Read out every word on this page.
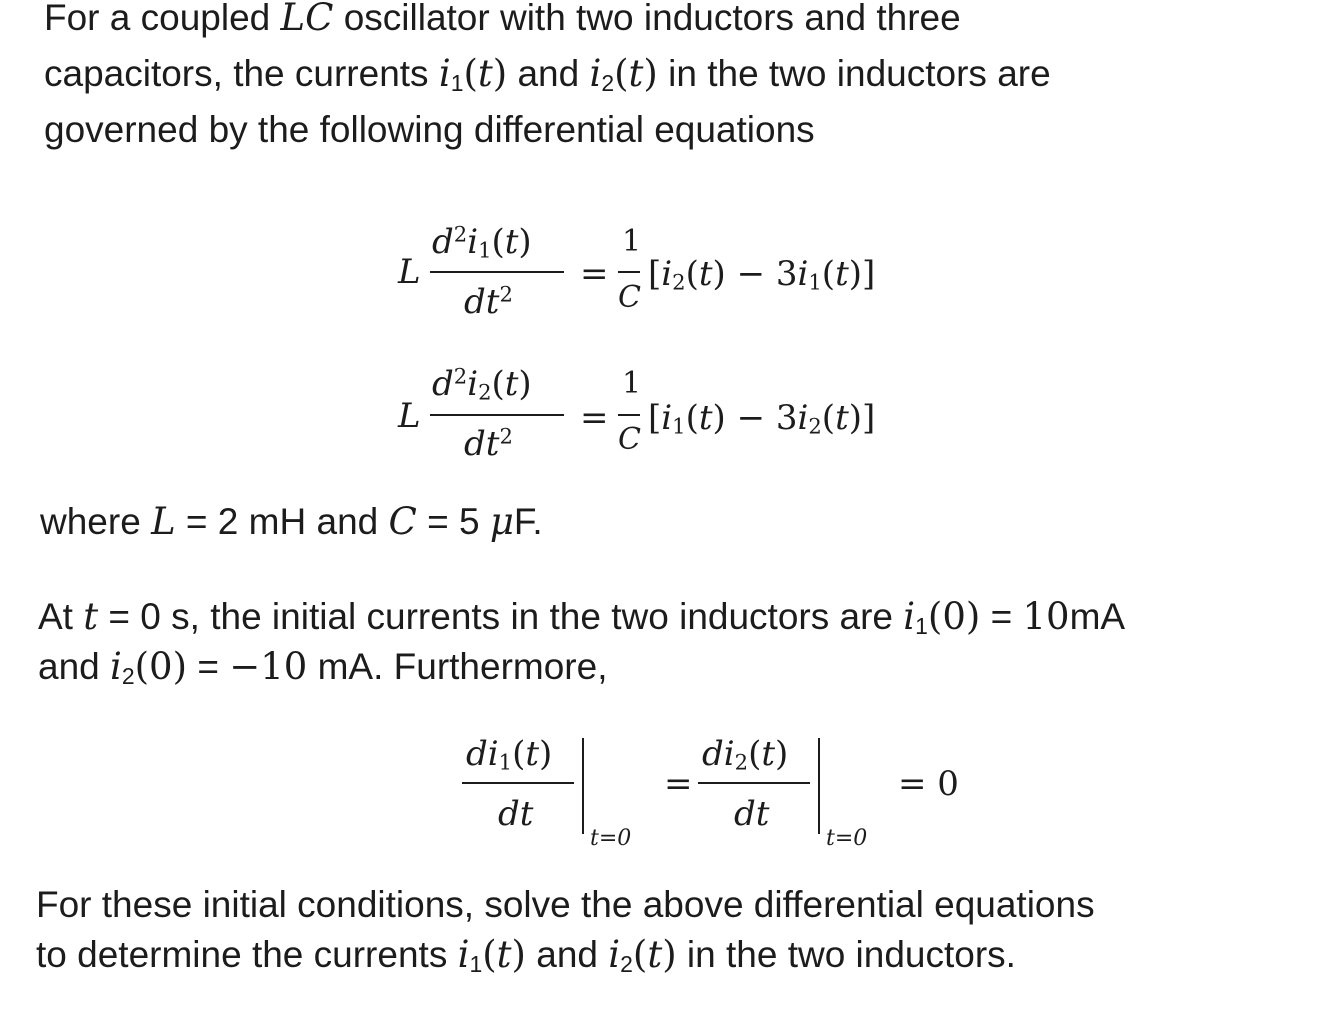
For a coupled LC oscillator with two inductors and three
capacitors, the currents $i_1(t)$ and $i_2(t)$ in the two inductors are
governed by the following differential equations
L
$d^2i_1(t)$
$dt^2$ =
1
C
$[i_2(t) - 3i_1(t)]$
L
$d^2i_2(t)$
$dt^2$ =
1
C
$[i_1(t) - 3i_2(t)]$
where L = 2 mH and C = 5 μF.
At t = 0 s, the initial currents in the two inductors are $i_1(0) = 10mA$
and $i_2(0) = -10$ mA. Furthermore,
$di_1(t)$
dt
t=0
=
$di_2(t)$
dt
t=0
= 0
For these initial conditions, solve the above differential equations
to determine the currents $i_1(t)$ and $i_2(t)$ in the two inductors.
